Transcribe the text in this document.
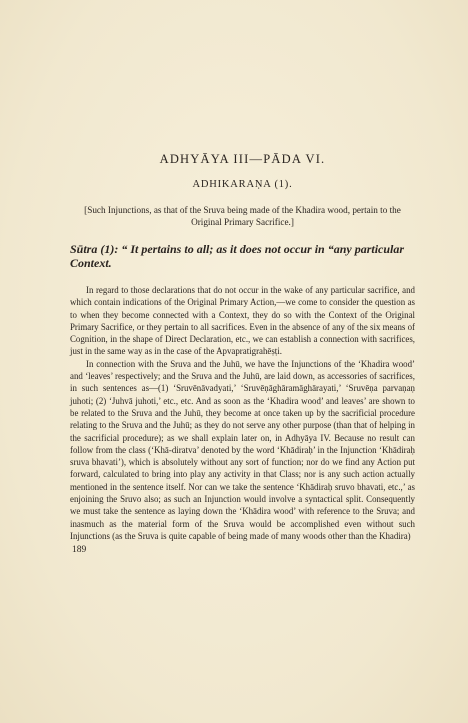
ADHYĀYA III—PĀDA VI.
ADHIKARAṆA (1).
[Such Injunctions, as that of the Sruva being made of the Khadira wood, pertain to the Original Primary Sacrifice.]
Sūtra (1): “ It pertains to all; as it does not occur in “any particular Context.

In regard to those declarations that do not occur in the wake of any particular sacrifice, and which contain indications of the Original Primary Action,—we come to consider the question as to when they become connected with a Context, they do so with the Context of the Original Primary Sacrifice, or they pertain to all sacrifices. Even in the absence of any of the six means of Cognition, in the shape of Direct Declaration, etc., we can establish a connection with sacrifices, just in the same way as in the case of the Apvapratigrahēṣṭi.

In connection with the Sruva and the Juhū, we have the Injunctions of the ‘Khadira wood’ and ‘leaves’ respectively; and the Sruva and the Juhū, are laid down, as accessories of sacrifices, in such sentences as—(1) ‘Sruvēnāvadyati,’ ‘Sruvēṇāghāramāghārayati,’ ‘Sruvēṇa parvaṇaṇ juhoti; (2) ‘Juhvā juhoti,’ etc., etc. And as soon as the ‘Khadira wood’ and leaves’ are shown to be related to the Sruva and the Juhū, they become at once taken up by the sacrificial procedure relating to the Sruva and the Juhū; as they do not serve any other purpose (than that of helping in the sacrificial procedure); as we shall explain later on, in Adhyāya IV. Because no result can follow from the class (‘Khā-diratva’ denoted by the word ‘Khādiraḥ’ in the Injunction ‘Khādiraḥ sruva bhavati’), which is absolutely without any sort of function; nor do we find any Action put forward, calculated to bring into play any activity in that Class; nor is any such action actually mentioned in the sentence itself. Nor can we take the sentence ‘Khādiraḥ sruvo bhavati, etc.,’ as enjoining the Sruvo also; as such an Injunction would involve a syntactical split. Consequently we must take the sentence as laying down the ‘Khādira wood’ with reference to the Sruva; and inasmuch as the material form of the Sruva would be accomplished even without such Injunctions (as the Sruva is quite capable of being made of many woods other than the Khadira)

189
